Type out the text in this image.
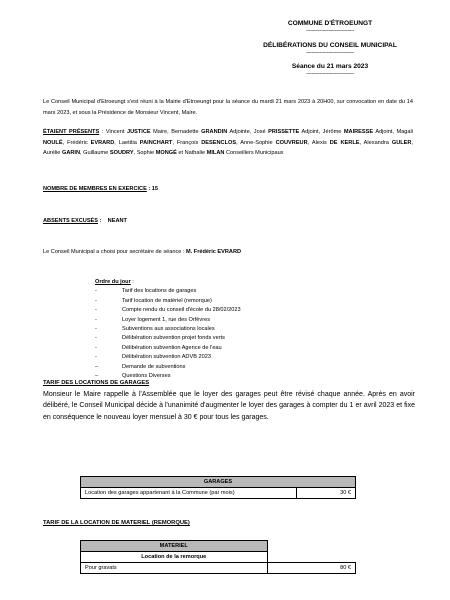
COMMUNE D'ÉTROEUNGT
-----------------------------------
DÉLIBÉRATIONS DU CONSEIL MUNICIPAL
-----------------------------------
Séance du 21 mars 2023
-----------------------------------
Le Conseil Municipal d'Etroeungt s'est réuni à la Mairie d'Etroeungt pour la séance du mardi 21 mars 2023 à 20H00, sur convocation en date du 14 mars 2023, et sous la Présidence de Monsieur Vincent, Maire.
ÉTAIENT PRÉSENTS : Vincent JUSTICE Maire, Bernadette GRANDIN Adjointe, José PRISSETTE Adjoint, Jérôme MAIRESSE Adjoint, Magali NOULÉ, Frédéric EVRARD, Laetitia PAINCHART, François DESENCLOS, Anne-Sophie COUVREUR, Alexis DE KERLE, Alexandra GULER, Aurélie GARIN, Guillaume SOUDRY, Sophie MONGÉ et Nathalie MILAN Conseillers Municipaux
NOMBRE DE MEMBRES EN EXERCICE : 15
ABSENTS EXCUSÉS :    NEANT
Le Conseil Municipal a choisi pour secrétaire de séance : M. Frédéric EVRARD
Ordre du jour :
-	Tarif des locations de garages
-	Tarif location de matériel (remorque)
-	Compte rendu du conseil d'école du 28/02/2023
-	Loyer logement 1, rue des Orfèvres
-	Subventions aux associations locales
-	Délibération subvention projet fonds verts
-	Délibération subvention Agence de l'eau
-	Délibération subvention ADVB 2023
–	Demande de subventions
–	Questions Diverses
TARIF DES LOCATIONS DE GARAGES
Monsieur le Maire rappelle à l'Assemblée que le loyer des garages peut être révisé chaque année. Après en avoir délibéré, le Conseil Municipal décide à l'unanimité d'augmenter le loyer des garages à compter du 1 er avril 2023 et fixe en conséquence le nouveau loyer mensuel à 30 € pour tous les garages.
GARAGES
Location des garages appartenant à la Commune (par mois)	30 €
TARIF DE LA LOCATION DE MATERIEL (REMORQUE)
MATERIEL	
Location de la remorque	
Pour gravats	80 €
